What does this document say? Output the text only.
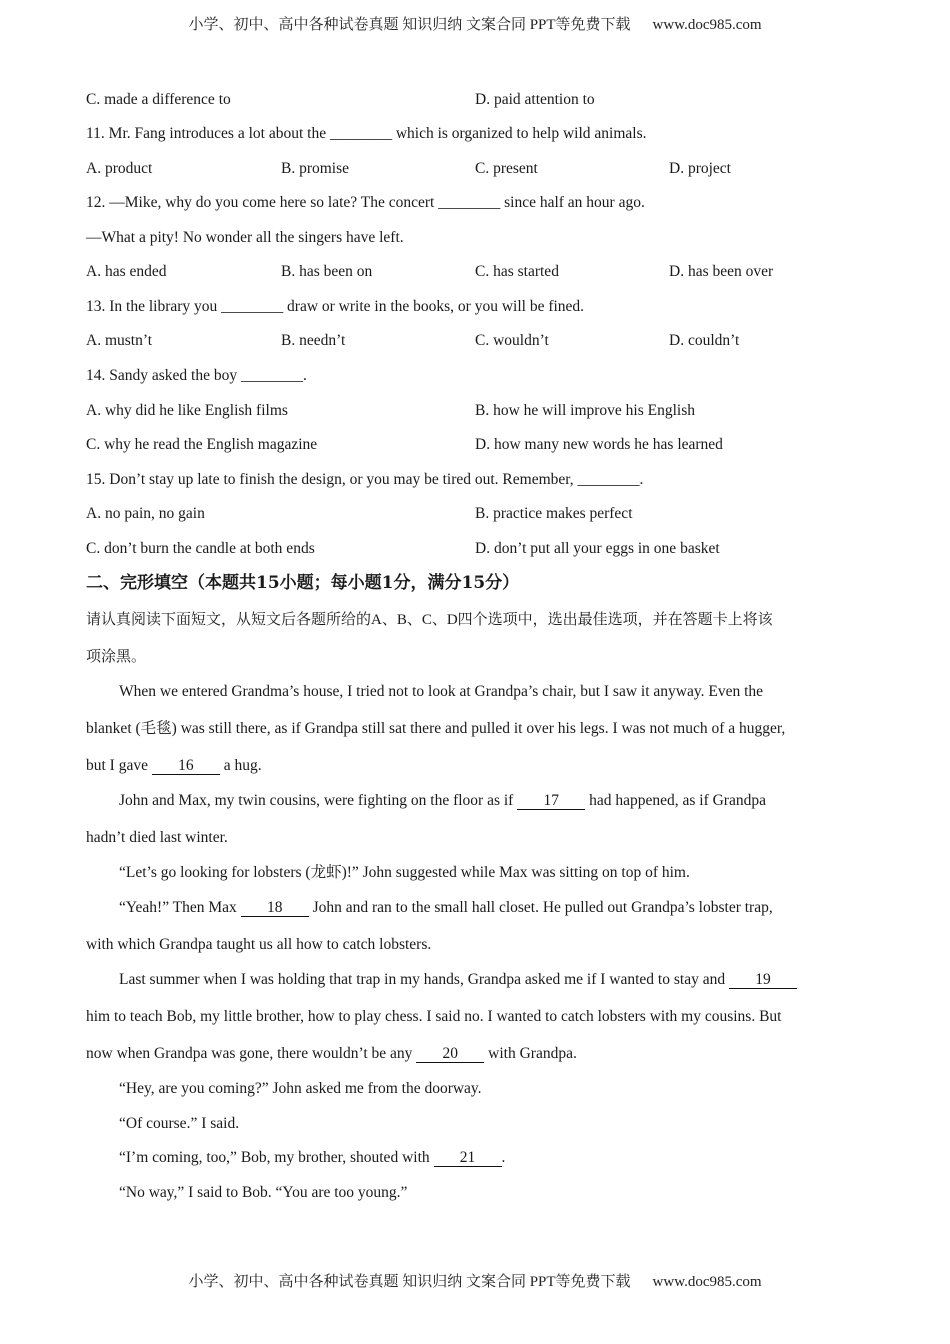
小学、初中、高中各种试卷真题 知识归纳 文案合同 PPT等免费下载 www.doc985.com
C. made a difference to	D. paid attention to
11. Mr. Fang introduces a lot about the ________ which is organized to help wild animals.
A. product	B. promise	C. present	D. project
12. —Mike, why do you come here so late? The concert ________ since half an hour ago.
—What a pity! No wonder all the singers have left.
A. has ended	B. has been on	C. has started	D. has been over
13. In the library you ________ draw or write in the books, or you will be fined.
A. mustn’t	B. needn’t	C. wouldn’t	D. couldn’t
14. Sandy asked the boy ________.
A. why did he like English films	B. how he will improve his English
C. why he read the English magazine	D. how many new words he has learned
15. Don’t stay up late to finish the design, or you may be tired out. Remember, ________.
A. no pain, no gain	B. practice makes perfect
C. don’t burn the candle at both ends	D. don’t put all your eggs in one basket
二、完形填空（本题共15小题；每小题1分，满分15分）
请认真阅读下面短文，从短文后各题所给的A、B、C、D四个选项中，选出最佳选项，并在答题卡上将该
项涂黑。
When we entered Grandma’s house, I tried not to look at Grandpa’s chair, but I saw it anyway. Even the
blanket (毛毯) was still there, as if Grandpa still sat there and pulled it over his legs. I was not much of a hugger,
but I gave 16 a hug.
John and Max, my twin cousins, were fighting on the floor as if 17 had happened, as if Grandpa
hadn’t died last winter.
“Let’s go looking for lobsters (龙虾)!” John suggested while Max was sitting on top of him.
“Yeah!” Then Max 18 John and ran to the small hall closet. He pulled out Grandpa’s lobster trap,
with which Grandpa taught us all how to catch lobsters.
Last summer when I was holding that trap in my hands, Grandpa asked me if I wanted to stay and 19
him to teach Bob, my little brother, how to play chess. I said no. I wanted to catch lobsters with my cousins. But
now when Grandpa was gone, there wouldn’t be any 20 with Grandpa.
“Hey, are you coming?” John asked me from the doorway.
“Of course.” I said.
“I’m coming, too,” Bob, my brother, shouted with 21 .
“No way,” I said to Bob. “You are too young.”
小学、初中、高中各种试卷真题 知识归纳 文案合同 PPT等免费下载 www.doc985.com
